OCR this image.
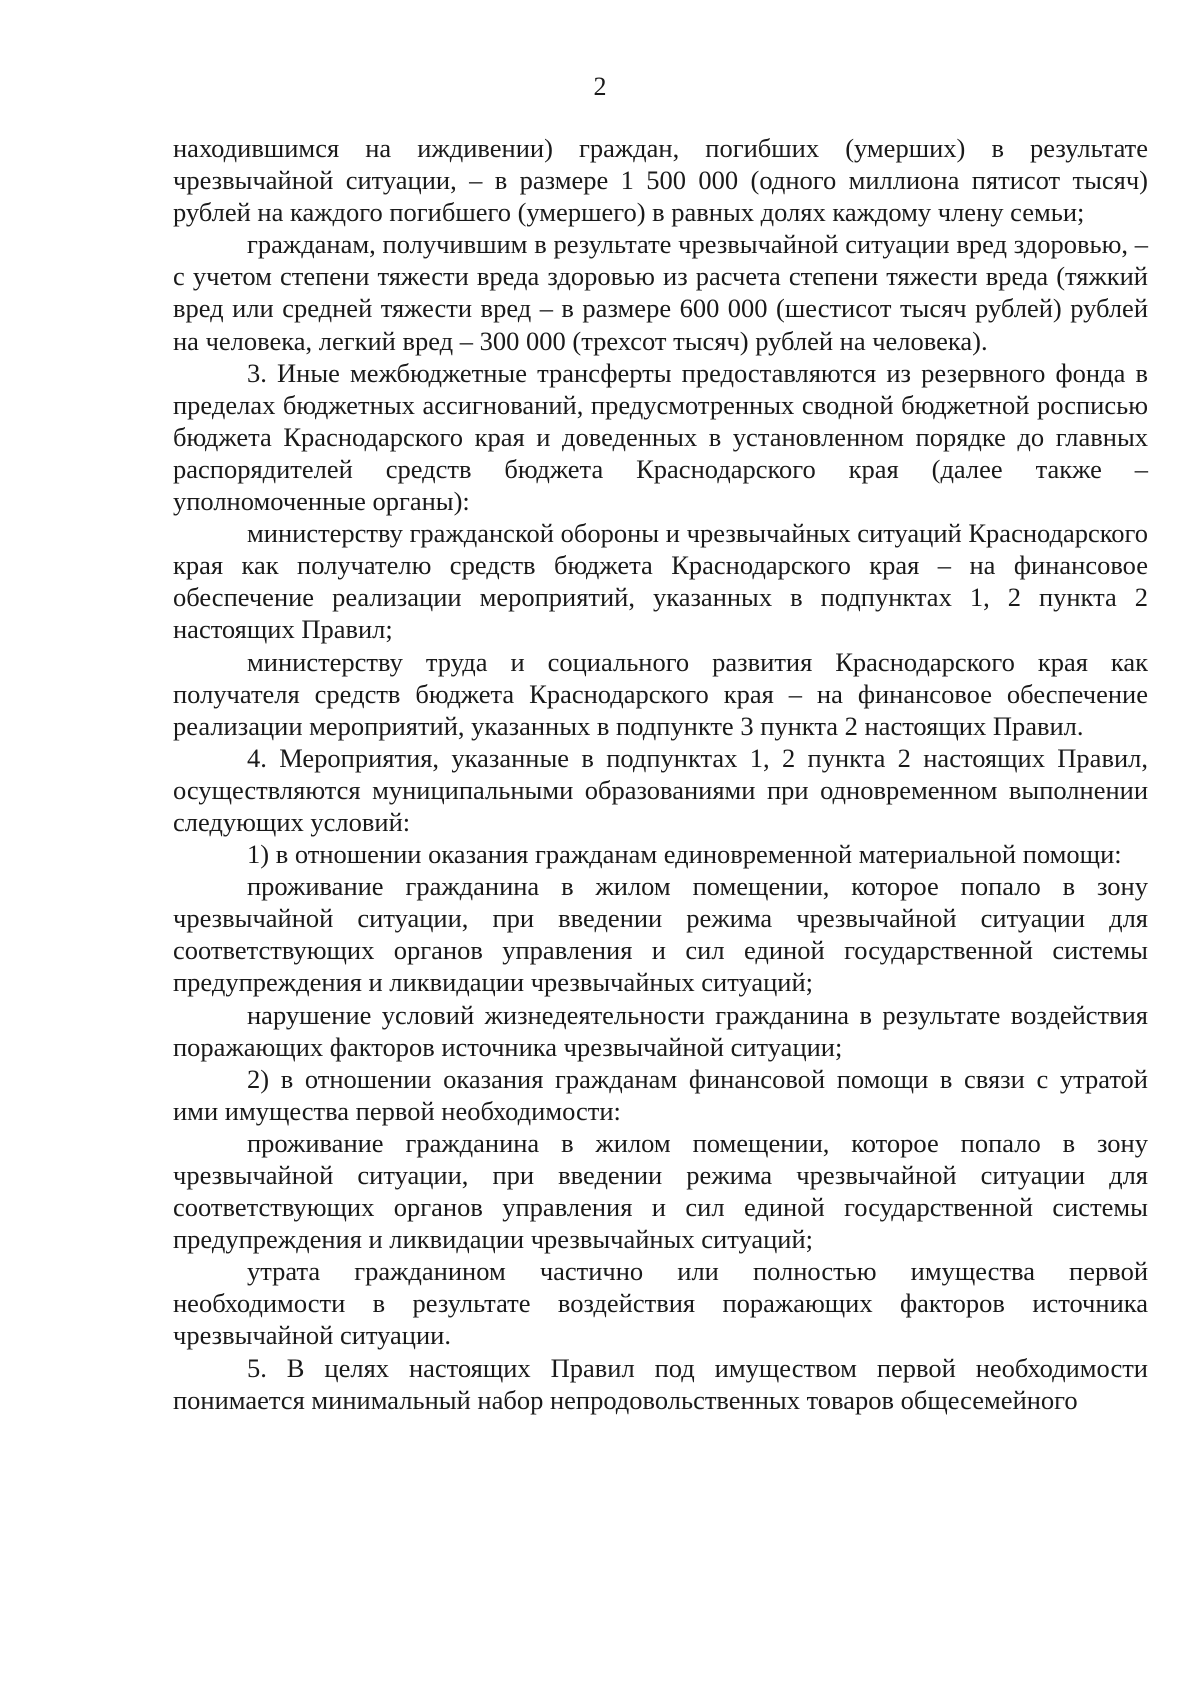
2

находившимся на иждивении) граждан, погибших (умерших) в результате чрезвычайной ситуации, – в размере 1 500 000 (одного миллиона пятисот тысяч) рублей на каждого погибшего (умершего) в равных долях каждому члену семьи;

гражданам, получившим в результате чрезвычайной ситуации вред здоровью, – с учетом степени тяжести вреда здоровью из расчета степени тяжести вреда (тяжкий вред или средней тяжести вред – в размере 600 000 (шестисот тысяч рублей) рублей на человека, легкий вред – 300 000 (трехсот тысяч) рублей на человека).

3. Иные межбюджетные трансферты предоставляются из резервного фонда в пределах бюджетных ассигнований, предусмотренных сводной бюджетной росписью бюджета Краснодарского края и доведенных в установленном порядке до главных распорядителей средств бюджета Краснодарского края (далее также – уполномоченные органы):

министерству гражданской обороны и чрезвычайных ситуаций Краснодарского края как получателю средств бюджета Краснодарского края – на финансовое обеспечение реализации мероприятий, указанных в подпунктах 1, 2 пункта 2 настоящих Правил;

министерству труда и социального развития Краснодарского края как получателя средств бюджета Краснодарского края – на финансовое обеспечение реализации мероприятий, указанных в подпункте 3 пункта 2 настоящих Правил.

4. Мероприятия, указанные в подпунктах 1, 2 пункта 2 настоящих Правил, осуществляются муниципальными образованиями при одновременном выполнении следующих условий:

1) в отношении оказания гражданам единовременной материальной помощи:

проживание гражданина в жилом помещении, которое попало в зону чрезвычайной ситуации, при введении режима чрезвычайной ситуации для соответствующих органов управления и сил единой государственной системы предупреждения и ликвидации чрезвычайных ситуаций;

нарушение условий жизнедеятельности гражданина в результате воздействия поражающих факторов источника чрезвычайной ситуации;

2) в отношении оказания гражданам финансовой помощи в связи с утратой ими имущества первой необходимости:

проживание гражданина в жилом помещении, которое попало в зону чрезвычайной ситуации, при введении режима чрезвычайной ситуации для соответствующих органов управления и сил единой государственной системы предупреждения и ликвидации чрезвычайных ситуаций;

утрата гражданином частично или полностью имущества первой необходимости в результате воздействия поражающих факторов источника чрезвычайной ситуации.

5. В целях настоящих Правил под имуществом первой необходимости понимается минимальный набор непродовольственных товаров общесемейного
